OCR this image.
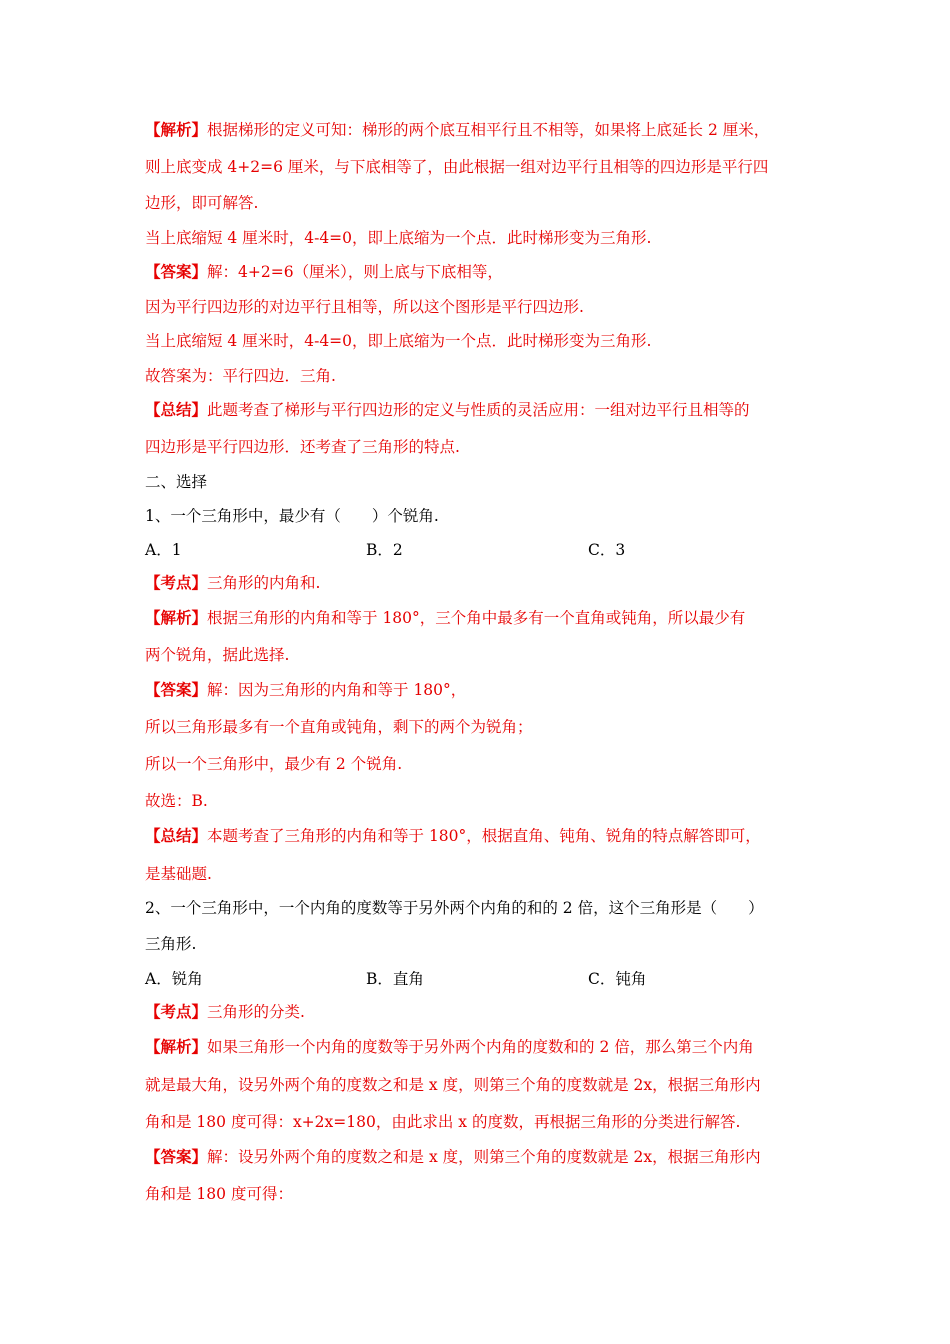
【解析】根据梯形的定义可知：梯形的两个底互相平行且不相等，如果将上底延长 2 厘米，
则上底变成 4+2=6 厘米，与下底相等了，由此根据一组对边平行且相等的四边形是平行四
边形，即可解答.
当上底缩短 4 厘米时，4-4=0，即上底缩为一个点．此时梯形变为三角形.
【答案】解：4+2=6（厘米），则上底与下底相等，
因为平行四边形的对边平行且相等，所以这个图形是平行四边形.
当上底缩短 4 厘米时，4-4=0，即上底缩为一个点．此时梯形变为三角形.
故答案为：平行四边．三角.
【总结】此题考查了梯形与平行四边形的定义与性质的灵活应用：一组对边平行且相等的
四边形是平行四边形．还考查了三角形的特点.
二、选择
1、一个三角形中，最少有（　　）个锐角.
A．1	B．2	C．3
【考点】三角形的内角和.
【解析】根据三角形的内角和等于 180°，三个角中最多有一个直角或钝角，所以最少有
两个锐角，据此选择.
【答案】解：因为三角形的内角和等于 180°，
所以三角形最多有一个直角或钝角，剩下的两个为锐角；
所以一个三角形中，最少有 2 个锐角.
故选：B.
【总结】本题考查了三角形的内角和等于 180°，根据直角、钝角、锐角的特点解答即可，
是基础题.
2、一个三角形中，一个内角的度数等于另外两个内角的和的 2 倍，这个三角形是（　　）
三角形.
A．锐角	B．直角	C．钝角
【考点】三角形的分类.
【解析】如果三角形一个内角的度数等于另外两个内角的度数和的 2 倍，那么第三个内角
就是最大角，设另外两个角的度数之和是 x 度，则第三个角的度数就是 2x，根据三角形内
角和是 180 度可得：x+2x=180，由此求出 x 的度数，再根据三角形的分类进行解答.
【答案】解：设另外两个角的度数之和是 x 度，则第三个角的度数就是 2x，根据三角形内
角和是 180 度可得：
